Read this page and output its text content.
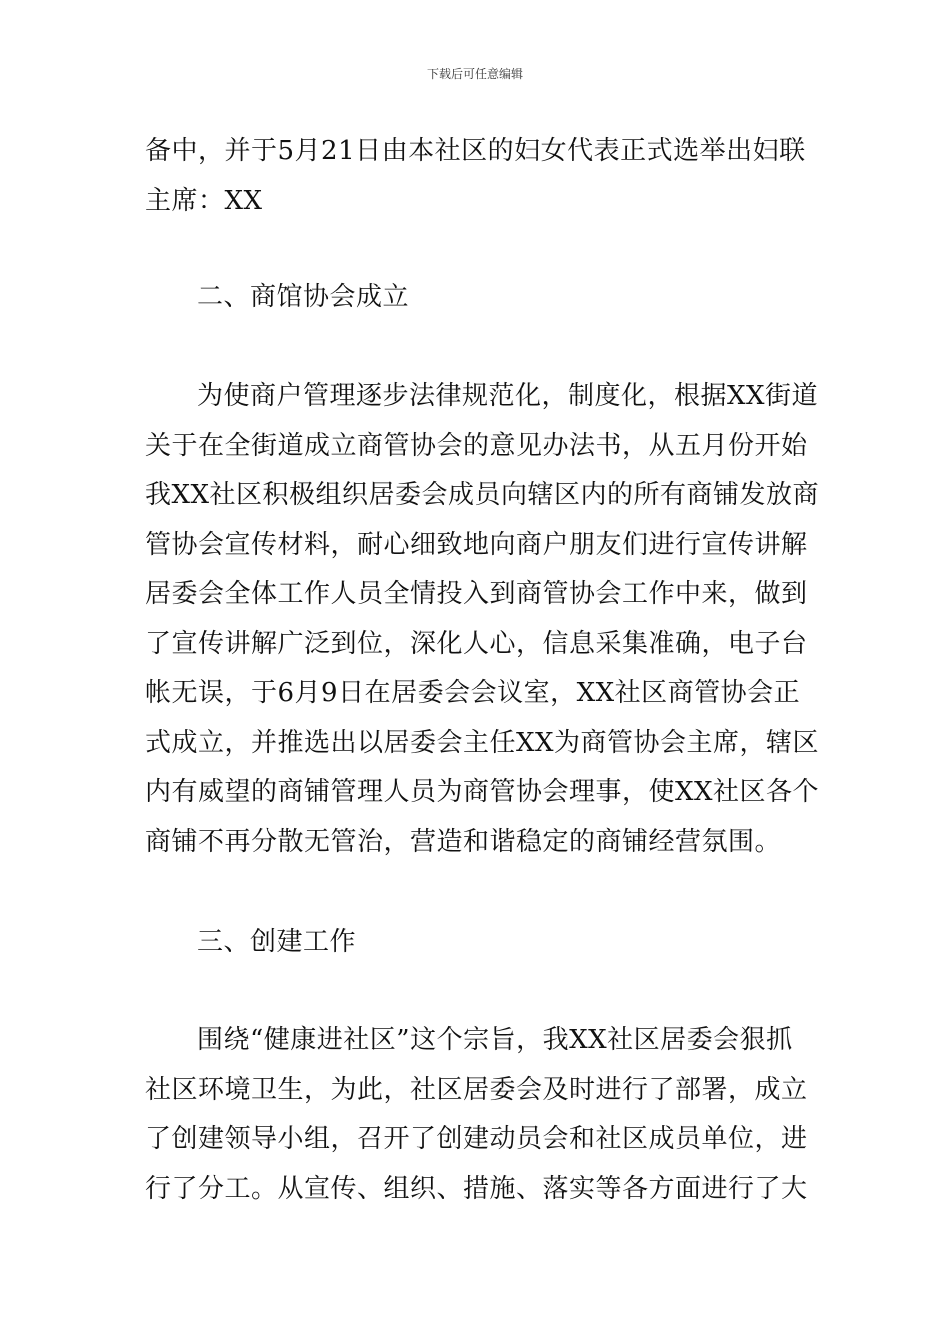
下载后可任意编辑
备中，并于5月21日由本社区的妇女代表正式选举出妇联
主席：XX
二、商馆协会成立
为使商户管理逐步法律规范化，制度化，根据XX街道
关于在全街道成立商管协会的意见办法书，从五月份开始
我XX社区积极组织居委会成员向辖区内的所有商铺发放商
管协会宣传材料，耐心细致地向商户朋友们进行宣传讲解
居委会全体工作人员全情投入到商管协会工作中来，做到
了宣传讲解广泛到位，深化人心，信息采集准确，电子台
帐无误，于6月9日在居委会会议室，XX社区商管协会正
式成立，并推选出以居委会主任XX为商管协会主席，辖区
内有威望的商铺管理人员为商管协会理事，使XX社区各个
商铺不再分散无管治，营造和谐稳定的商铺经营氛围。
三、创建工作
围绕“健康进社区”这个宗旨，我XX社区居委会狠抓
社区环境卫生，为此，社区居委会及时进行了部署，成立
了创建领导小组，召开了创建动员会和社区成员单位，进
行了分工。从宣传、组织、措施、落实等各方面进行了大
